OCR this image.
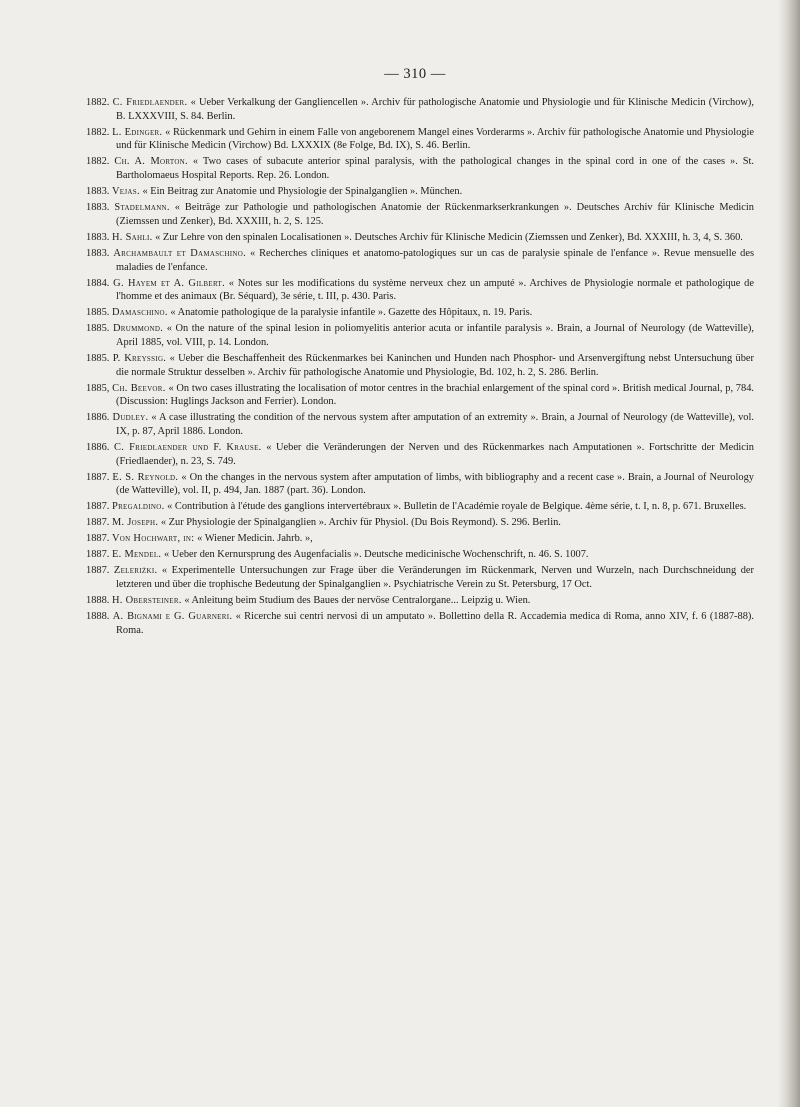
— 310 —

1882. C. Friedlaender. « Ueber Verkalkung der Gangliencellen ». Archiv für pathologische Anatomie und Physiologie und für Klinische Medicin (Virchow), B. LXXXVIII, S. 84. Berlin.

1882. L. Edinger. « Rückenmark und Gehirn in einem Falle von angeborenem Mangel eines Vorderarms ». Archiv für pathologische Anatomie und Physiologie und für Klinische Medicin (Virchow) Bd. LXXXIX (8e Folge, Bd. IX), S. 46. Berlin.

1882. Ch. A. Morton. « Two cases of subacute anterior spinal paralysis, with the pathological changes in the spinal cord in one of the cases ». St. Bartholomaeus Hospital Reports. Rep. 26. London.

1883. Vejas. « Ein Beitrag zur Anatomie und Physiologie der Spinalganglien ». München.

1883. Stadelmann. « Beiträge zur Pathologie und pathologischen Anatomie der Rückenmarkserkrankungen ». Deutsches Archiv für Klinische Medicin (Ziemssen und Zenker), Bd. XXXIII, h. 2, S. 125.

1883. H. Sahli. « Zur Lehre von den spinalen Localisationen ». Deutsches Archiv für Klinische Medicin (Ziemssen und Zenker), Bd. XXXIII, h. 3, 4, S. 360.

1883. Archambault et Damaschino. « Recherches cliniques et anatomo-patologiques sur un cas de paralysie spinale de l'enfance ». Revue mensuelle des maladies de l'enfance.

1884. G. Hayem et A. Gilbert. « Notes sur les modifications du système nerveux chez un amputé ». Archives de Physiologie normale et pathologique de l'homme et des animaux (Br. Séquard), 3e série, t. III, p. 430. Paris.

1885. Damaschino. « Anatomie pathologique de la paralysie infantile ». Gazette des Hôpitaux, n. 19. Paris.

1885. Drummond. « On the nature of the spinal lesion in poliomyelitis anterior acuta or infantile paralysis ». Brain, a Journal of Neurology (de Watteville), April 1885, vol. VIII, p. 14. London.

1885. P. Kreyssig. « Ueber die Beschaffenheit des Rückenmarkes bei Kaninchen und Hunden nach Phosphor- und Arsenvergiftung nebst Untersuchung über die normale Struktur desselben ». Archiv für pathologische Anatomie und Physiologie, Bd. 102, h. 2, S. 286. Berlin.

1885, Ch. Beevor. « On two cases illustrating the localisation of motor centres in the brachial enlargement of the spinal cord ». British medical Journal, p, 784. (Discussion: Huglings Jackson and Ferrier). London.

1886. Dudley. « A case illustrating the condition of the nervous system after amputation of an extremity ». Brain, a Journal of Neurology (de Watteville), vol. IX, p. 87, April 1886. London.

1886. C. Friedlaender und F. Krause. « Ueber die Veränderungen der Nerven und des Rückenmarkes nach Amputationen ». Fortschritte der Medicin (Friedlaender), n. 23, S. 749.

1887. E. S. Reynold. « On the changes in the nervous system after amputation of limbs, with bibliography and a recent case ». Brain, a Journal of Neurology (de Watteville), vol. II, p. 494, Jan. 1887 (part. 36). London.

1887. Pregaldino. « Contribution à l'étude des ganglions intervertébraux ». Bulletin de l'Académie royale de Belgique. 4ème série, t. I, n. 8, p. 671. Bruxelles.

1887. M. Joseph. « Zur Physiologie der Spinalganglien ». Archiv für Physiol. (Du Bois Reymond). S. 296. Berlin.

1887. Von Hochwart, in: « Wiener Medicin. Jahrb. »,

1887. E. Mendel. « Ueber den Kernursprung des Augenfacialis ». Deutsche medicinische Wochenschrift, n. 46. S. 1007.

1887. Zeleriżki. « Experimentelle Untersuchungen zur Frage über die Veränderungen im Rückenmark, Nerven und Wurzeln, nach Durchschneidung der letzteren und über die trophische Bedeutung der Spinalganglien ». Psychiatrische Verein zu St. Petersburg, 17 Oct.

1888. H. Obersteiner. « Anleitung beim Studium des Baues der nervöse Centralorgane... Leipzig u. Wien.

1888. A. Bignami e G. Guarneri. « Ricerche sui centri nervosi di un amputato ». Bollettino della R. Accademia medica di Roma, anno XIV, f. 6 (1887-88). Roma.
